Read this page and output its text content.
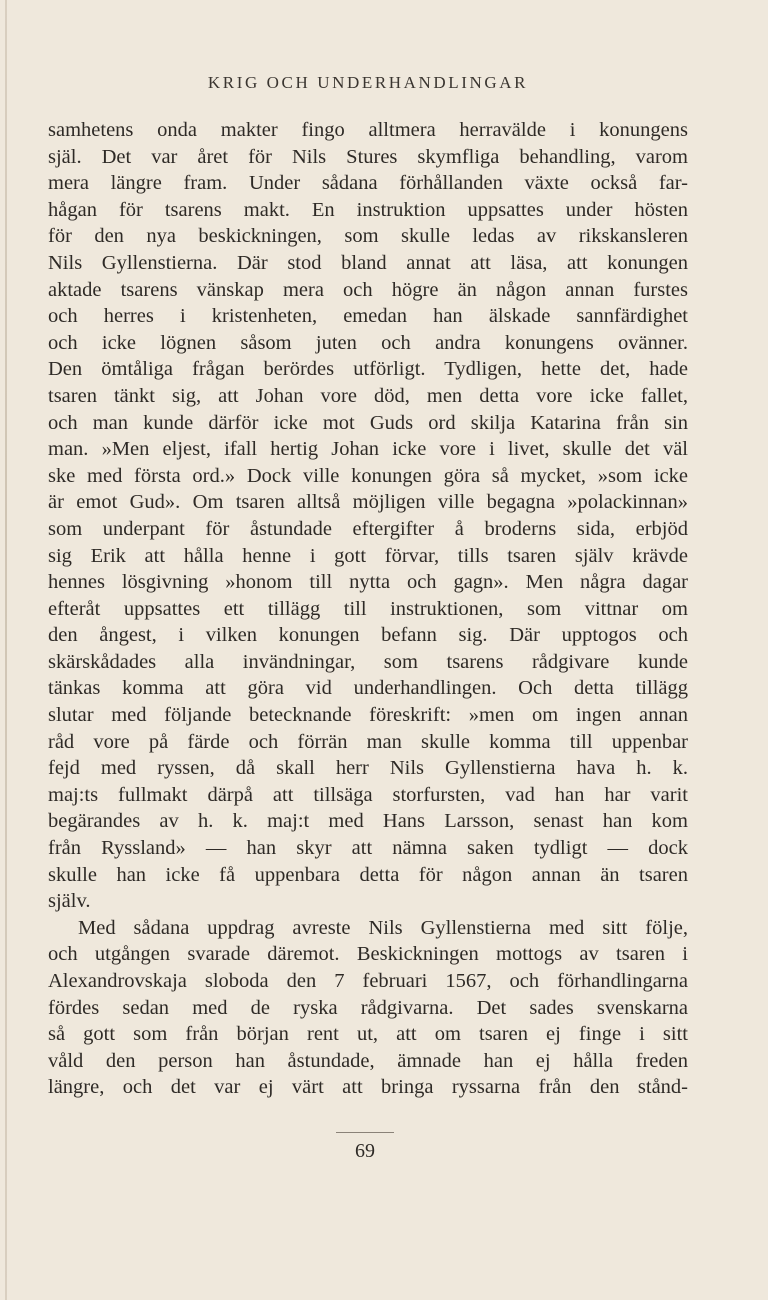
KRIG OCH UNDERHANDLINGAR
samhetens onda makter fingo alltmera herravälde i konungens
själ. Det var året för Nils Stures skymfliga behandling, varom
mera längre fram. Under sådana förhållanden växte också far-
hågan för tsarens makt. En instruktion uppsattes under hösten
för den nya beskickningen, som skulle ledas av rikskansleren
Nils Gyllenstierna. Där stod bland annat att läsa, att konungen
aktade tsarens vänskap mera och högre än någon annan furstes
och herres i kristenheten, emedan han älskade sannfärdighet
och icke lögnen såsom juten och andra konungens ovänner.
Den ömtåliga frågan berördes utförligt. Tydligen, hette det, hade
tsaren tänkt sig, att Johan vore död, men detta vore icke fallet,
och man kunde därför icke mot Guds ord skilja Katarina från sin
man. »Men eljest, ifall hertig Johan icke vore i livet, skulle det väl
ske med första ord.» Dock ville konungen göra så mycket, »som icke
är emot Gud». Om tsaren alltså möjligen ville begagna »polackinnan»
som underpant för åstundade eftergifter å broderns sida, erbjöd
sig Erik att hålla henne i gott förvar, tills tsaren själv krävde
hennes lösgivning »honom till nytta och gagn». Men några dagar
efteråt uppsattes ett tillägg till instruktionen, som vittnar om
den ångest, i vilken konungen befann sig. Där upptogos och
skärskådades alla invändningar, som tsarens rådgivare kunde
tänkas komma att göra vid underhandlingen. Och detta tillägg
slutar med följande betecknande föreskrift: »men om ingen annan
råd vore på färde och förrän man skulle komma till uppenbar
fejd med ryssen, då skall herr Nils Gyllenstierna hava h. k.
maj:ts fullmakt därpå att tillsäga storfursten, vad han har varit
begärandes av h. k. maj:t med Hans Larsson, senast han kom
från Ryssland» — han skyr att nämna saken tydligt — dock
skulle han icke få uppenbara detta för någon annan än tsaren
själv.
Med sådana uppdrag avreste Nils Gyllenstierna med sitt följe,
och utgången svarade däremot. Beskickningen mottogs av tsaren i
Alexandrovskaja sloboda den 7 februari 1567, och förhandlingarna
fördes sedan med de ryska rådgivarna. Det sades svenskarna
så gott som från början rent ut, att om tsaren ej finge i sitt
våld den person han åstundade, ämnade han ej hålla freden
längre, och det var ej värt att bringa ryssarna från den stånd-
69
